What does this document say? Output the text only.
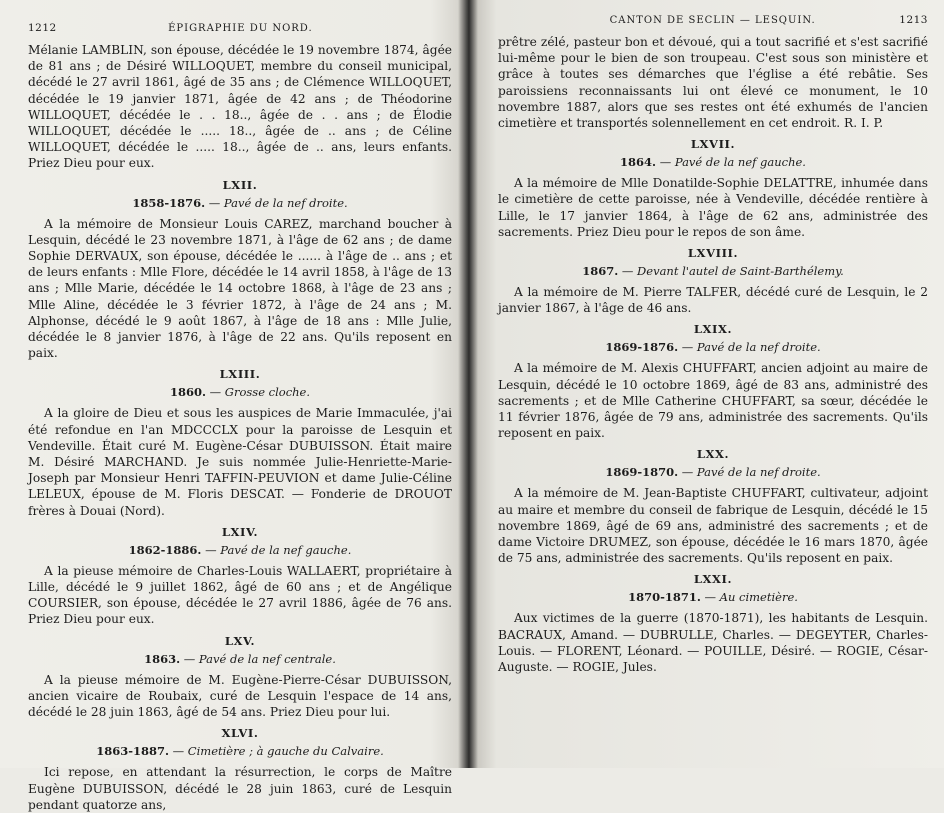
1212	ÉPIGRAPHIE DU NORD.

Mélanie LAMBLIN, son épouse, décédée le 19 novembre 1874, âgée de 81 ans ; de Désiré WILLOQUET, membre du conseil municipal, décédé le 27 avril 1861, âgé de 35 ans ; de Clémence WILLOQUET, décédée le 19 janvier 1871, âgée de 42 ans ; de Théodorine WILLOQUET, décédée le . . 18.., âgée de . . ans ; de Élodie WILLOQUET, décédée le ..... 18.., âgée de .. ans ; de Céline WILLOQUET, décédée le ..... 18.., âgée de .. ans, leurs enfants. Priez Dieu pour eux.

LXII.
1858-1876. — Pavé de la nef droite.

A la mémoire de Monsieur Louis CAREZ, marchand boucher à Lesquin, décédé le 23 novembre 1871, à l'âge de 62 ans ; de dame Sophie DERVAUX, son épouse, décédée le ...... à l'âge de .. ans ; et de leurs enfants : Mlle Flore, décédée le 14 avril 1858, à l'âge de 13 ans ; Mlle Marie, décédée le 14 octobre 1868, à l'âge de 23 ans ; Mlle Aline, décédée le 3 février 1872, à l'âge de 24 ans ; M. Alphonse, décédé le 9 août 1867, à l'âge de 18 ans : Mlle Julie, décédée le 8 janvier 1876, à l'âge de 22 ans. Qu'ils reposent en paix.

LXIII.
1860. — Grosse cloche.

A la gloire de Dieu et sous les auspices de Marie Immaculée, j'ai été refondue en l'an MDCCCLX pour la paroisse de Lesquin et Vendeville. Était curé M. Eugène-César DUBUISSON. Était maire M. Désiré MARCHAND. Je suis nommée Julie-Henriette-Marie-Joseph par Monsieur Henri TAFFIN-PEUVION et dame Julie-Céline LELEUX, épouse de M. Floris DESCAT. — Fonderie de DROUOT frères à Douai (Nord).

LXIV.
1862-1886. — Pavé de la nef gauche.

A la pieuse mémoire de Charles-Louis WALLAERT, propriétaire à Lille, décédé le 9 juillet 1862, âgé de 60 ans ; et de Angélique COURSIER, son épouse, décédée le 27 avril 1886, âgée de 76 ans. Priez Dieu pour eux.

LXV.
1863. — Pavé de la nef centrale.

A la pieuse mémoire de M. Eugène-Pierre-César DUBUISSON, ancien vicaire de Roubaix, curé de Lesquin l'espace de 14 ans, décédé le 28 juin 1863, âgé de 54 ans. Priez Dieu pour lui.

XLVI.
1863-1887. — Cimetière ; à gauche du Calvaire.

Ici repose, en attendant la résurrection, le corps de Maître Eugène DUBUISSON, décédé le 28 juin 1863, curé de Lesquin pendant quatorze ans,

CANTON DE SECLIN — LESQUIN.	1213

prêtre zélé, pasteur bon et dévoué, qui a tout sacrifié et s'est sacrifié lui-même pour le bien de son troupeau. C'est sous son ministère et grâce à toutes ses démarches que l'église a été rebâtie. Ses paroissiens reconnaissants lui ont élevé ce monument, le 10 novembre 1887, alors que ses restes ont été exhumés de l'ancien cimetière et transportés solennellement en cet endroit. R. I. P.

LXVII.
1864. — Pavé de la nef gauche.

A la mémoire de Mlle Donatilde-Sophie DELATTRE, inhumée dans le cimetière de cette paroisse, née à Vendeville, décédée rentière à Lille, le 17 janvier 1864, à l'âge de 62 ans, administrée des sacrements. Priez Dieu pour le repos de son âme.

LXVIII.
1867. — Devant l'autel de Saint-Barthélemy.

A la mémoire de M. Pierre TALFER, décédé curé de Lesquin, le 2 janvier 1867, à l'âge de 46 ans.

LXIX.
1869-1876. — Pavé de la nef droite.

A la mémoire de M. Alexis CHUFFART, ancien adjoint au maire de Lesquin, décédé le 10 octobre 1869, âgé de 83 ans, administré des sacrements ; et de Mlle Catherine CHUFFART, sa sœur, décédée le 11 février 1876, âgée de 79 ans, administrée des sacrements. Qu'ils reposent en paix.

LXX.
1869-1870. — Pavé de la nef droite.

A la mémoire de M. Jean-Baptiste CHUFFART, cultivateur, adjoint au maire et membre du conseil de fabrique de Lesquin, décédé le 15 novembre 1869, âgé de 69 ans, administré des sacrements ; et de dame Victoire DRUMEZ, son épouse, décédée le 16 mars 1870, âgée de 75 ans, administrée des sacrements. Qu'ils reposent en paix.

LXXI.
1870-1871. — Au cimetière.

Aux victimes de la guerre (1870-1871), les habitants de Lesquin. BACRAUX, Amand. — DUBRULLE, Charles. — DEGEYTER, Charles-Louis. — FLORENT, Léonard. — POUILLE, Désiré. — ROGIE, César-Auguste. — ROGIE, Jules.
